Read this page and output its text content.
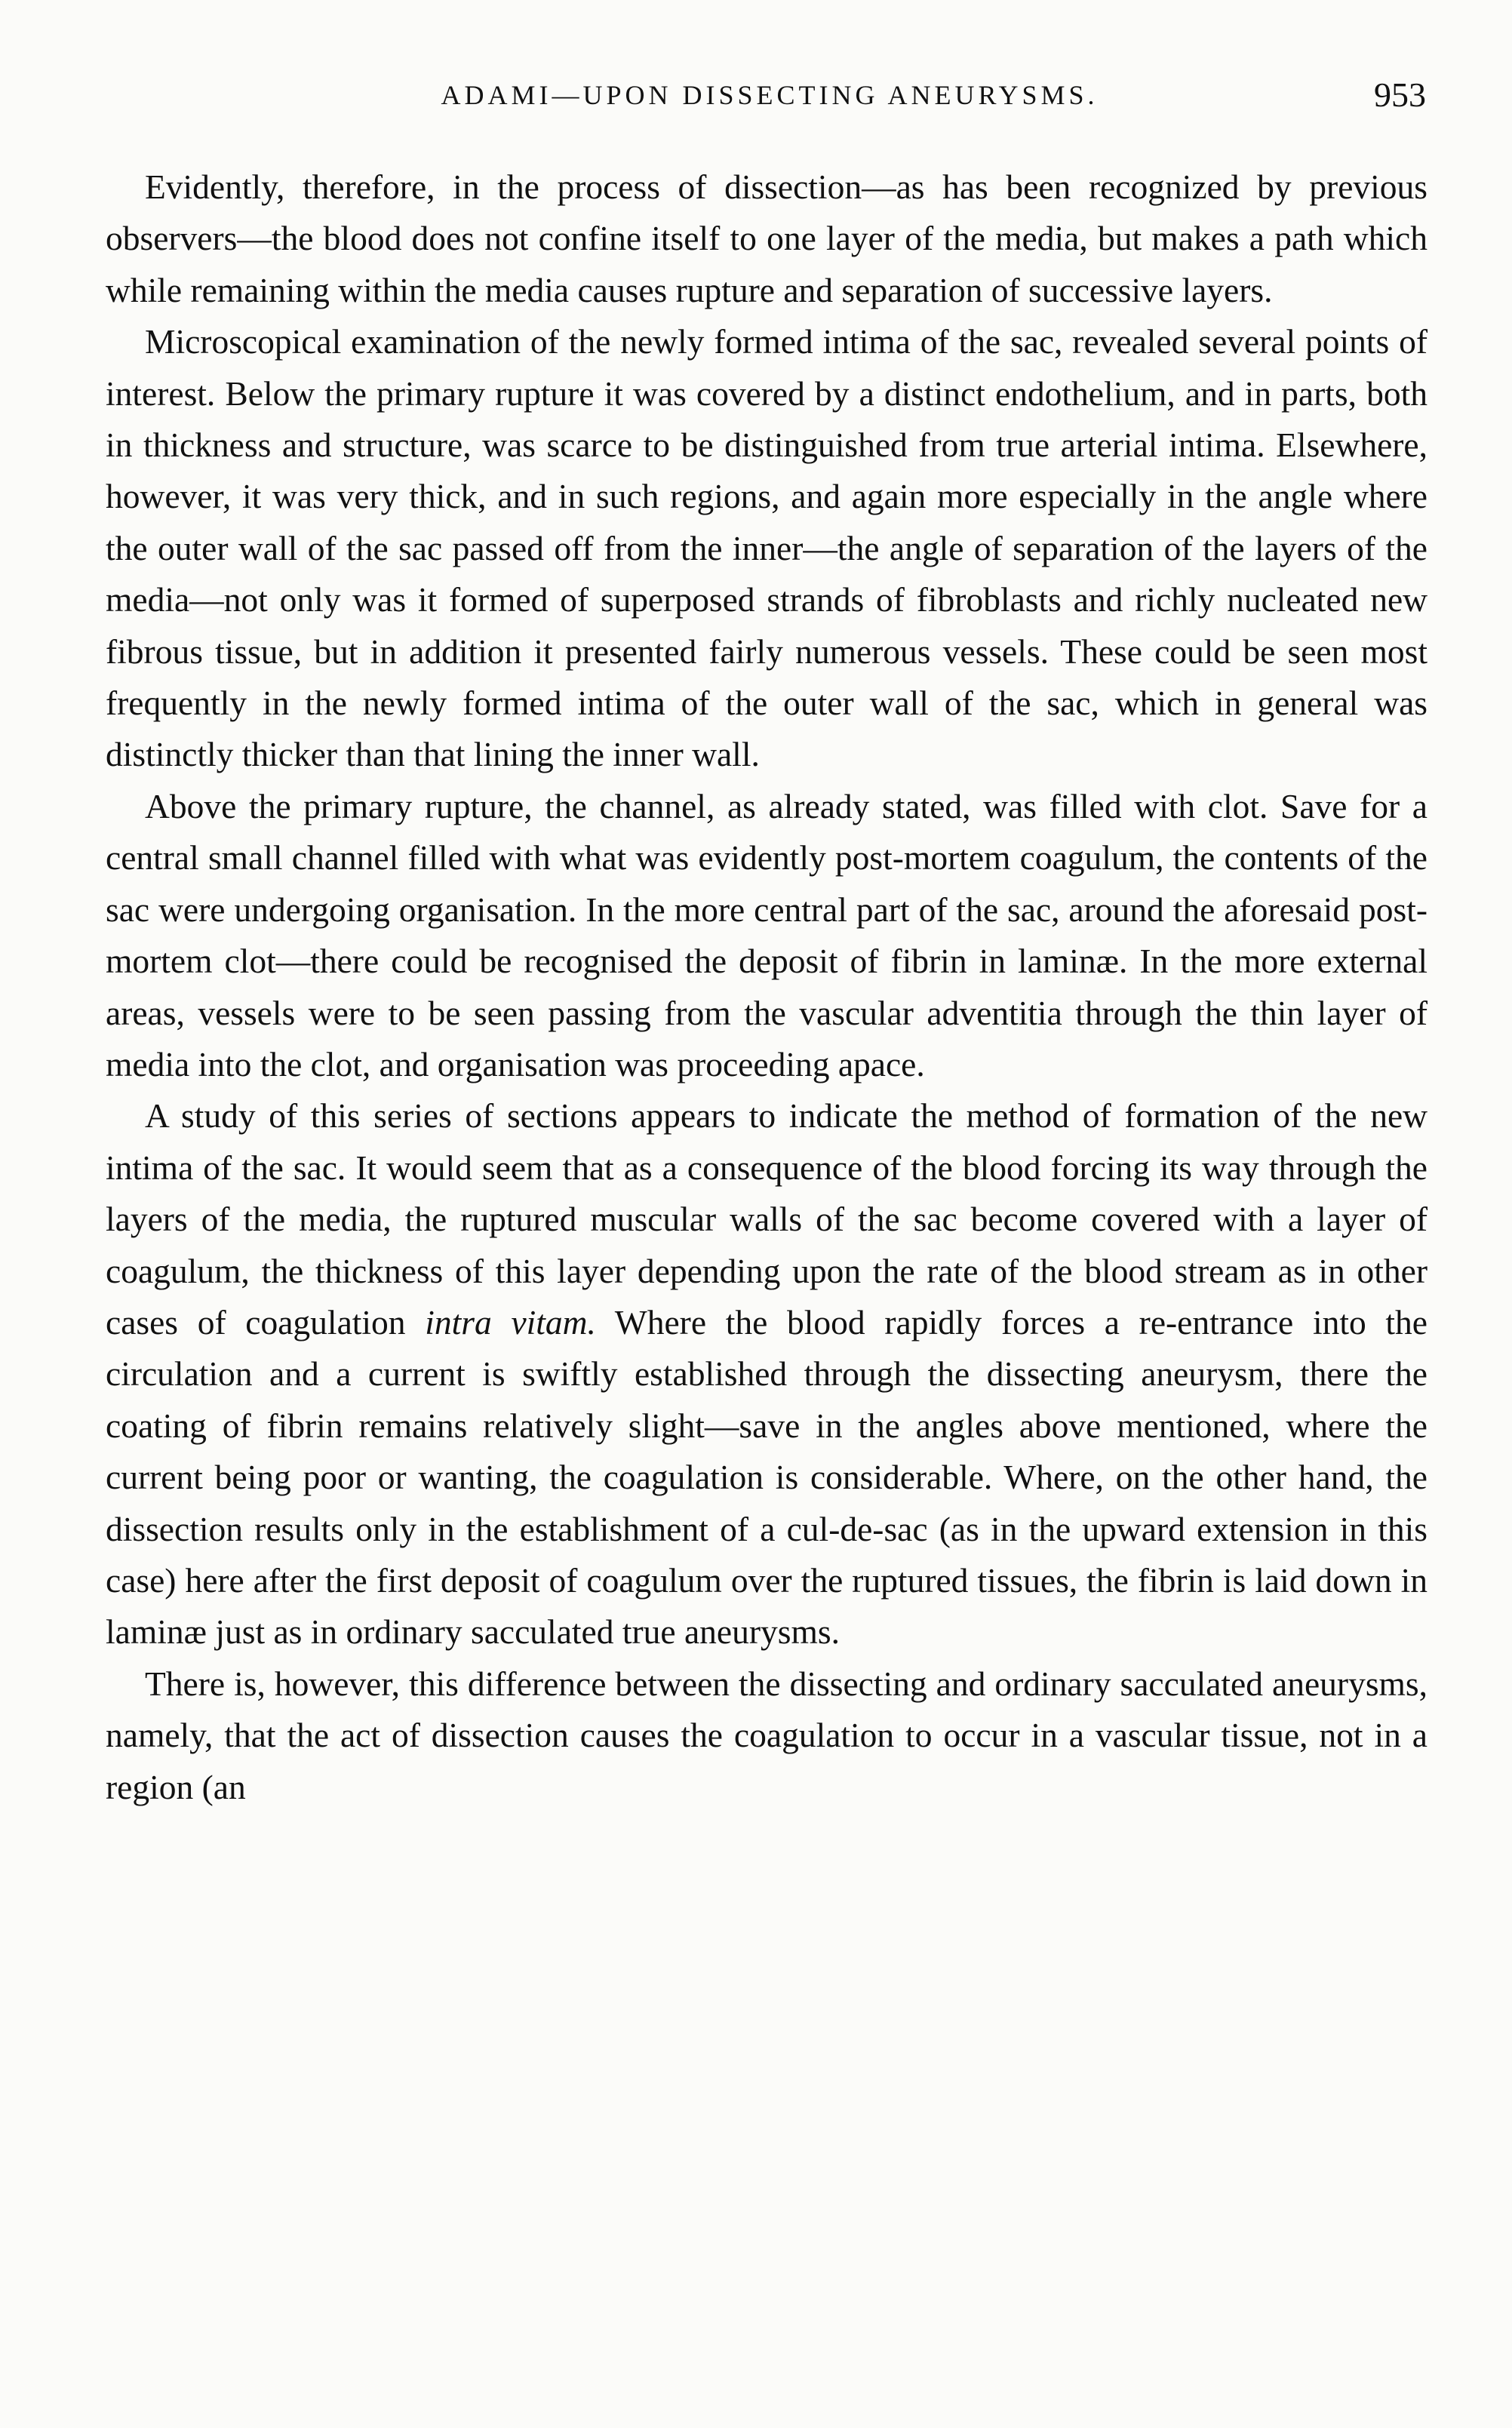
ADAMI—UPON DISSECTING ANEURYSMS.	953

Evidently, therefore, in the process of dissection—as has been recognized by previous observers—the blood does not confine itself to one layer of the media, but makes a path which while remaining within the media causes rupture and separation of successive layers.

Microscopical examination of the newly formed intima of the sac, revealed several points of interest. Below the primary rupture it was covered by a distinct endothelium, and in parts, both in thickness and structure, was scarce to be distinguished from true arterial intima. Elsewhere, however, it was very thick, and in such regions, and again more especially in the angle where the outer wall of the sac passed off from the inner—the angle of separation of the layers of the media—not only was it formed of superposed strands of fibroblasts and richly nucleated new fibrous tissue, but in addition it presented fairly numerous vessels. These could be seen most frequently in the newly formed intima of the outer wall of the sac, which in general was distinctly thicker than that lining the inner wall.

Above the primary rupture, the channel, as already stated, was filled with clot. Save for a central small channel filled with what was evidently post-mortem coagulum, the contents of the sac were undergoing organisation. In the more central part of the sac, around the aforesaid post-mortem clot—there could be recognised the deposit of fibrin in laminæ. In the more external areas, vessels were to be seen passing from the vascular adventitia through the thin layer of media into the clot, and organisation was proceeding apace.

A study of this series of sections appears to indicate the method of formation of the new intima of the sac. It would seem that as a consequence of the blood forcing its way through the layers of the media, the ruptured muscular walls of the sac become covered with a layer of coagulum, the thickness of this layer depending upon the rate of the blood stream as in other cases of coagulation intra vitam. Where the blood rapidly forces a re-entrance into the circulation and a current is swiftly established through the dissecting aneurysm, there the coating of fibrin remains relatively slight—save in the angles above mentioned, where the current being poor or wanting, the coagulation is considerable. Where, on the other hand, the dissection results only in the establishment of a cul-de-sac (as in the upward extension in this case) here after the first deposit of coagulum over the ruptured tissues, the fibrin is laid down in laminæ just as in ordinary sacculated true aneurysms.

There is, however, this difference between the dissecting and ordinary sacculated aneurysms, namely, that the act of dissection causes the coagulation to occur in a vascular tissue, not in a region (an
